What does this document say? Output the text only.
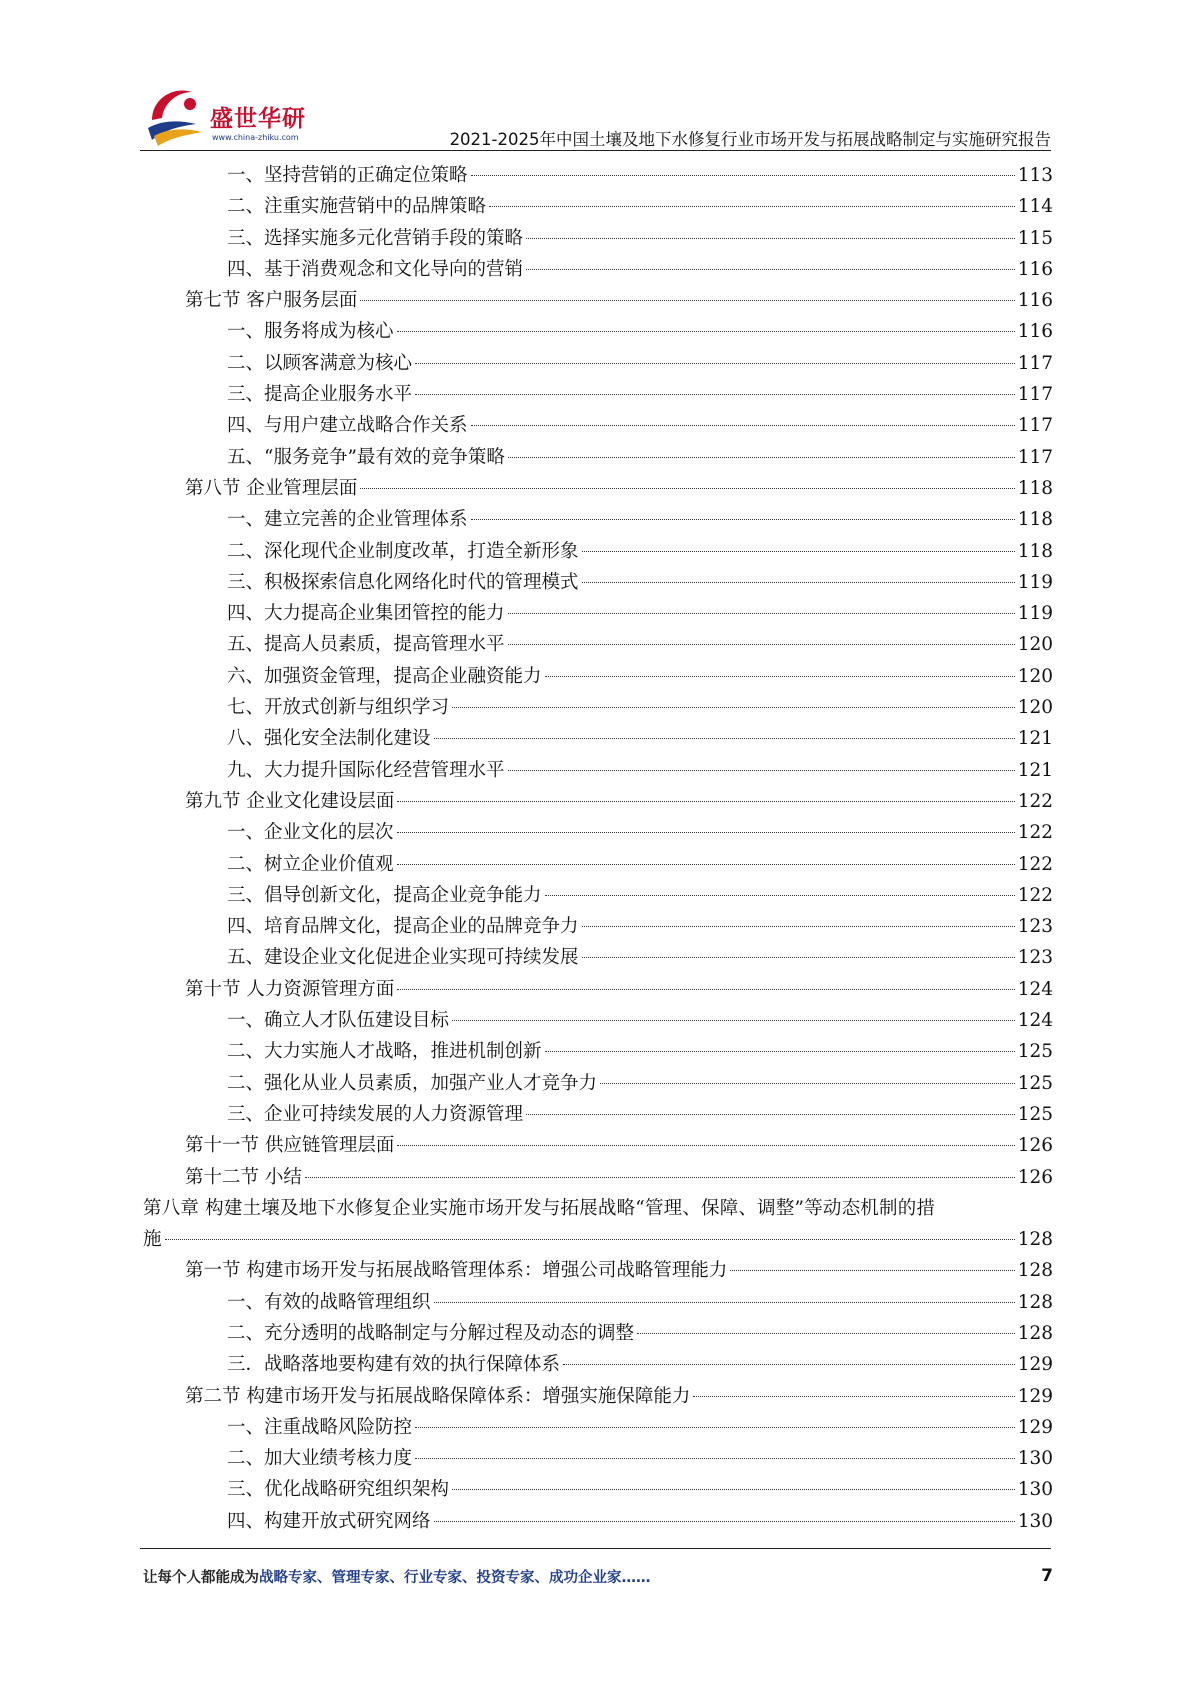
盛世华研
www.china-zhiku.com	2021-2025年中国土壤及地下水修复行业市场开发与拓展战略制定与实施研究报告
一、坚持营销的正确定位策略	113
二、注重实施营销中的品牌策略	114
三、选择实施多元化营销手段的策略	115
四、基于消费观念和文化导向的营销	116
第七节 客户服务层面	116
一、服务将成为核心	116
二、以顾客满意为核心	117
三、提高企业服务水平	117
四、与用户建立战略合作关系	117
五、“服务竞争”最有效的竞争策略	117
第八节 企业管理层面	118
一、建立完善的企业管理体系	118
二、深化现代企业制度改革，打造全新形象	118
三、积极探索信息化网络化时代的管理模式	119
四、大力提高企业集团管控的能力	119
五、提高人员素质，提高管理水平	120
六、加强资金管理，提高企业融资能力	120
七、开放式创新与组织学习	120
八、强化安全法制化建设	121
九、大力提升国际化经营管理水平	121
第九节 企业文化建设层面	122
一、企业文化的层次	122
二、树立企业价值观	122
三、倡导创新文化，提高企业竞争能力	122
四、培育品牌文化，提高企业的品牌竞争力	123
五、建设企业文化促进企业实现可持续发展	123
第十节 人力资源管理方面	124
一、确立人才队伍建设目标	124
二、大力实施人才战略，推进机制创新	125
二、强化从业人员素质，加强产业人才竞争力	125
三、企业可持续发展的人力资源管理	125
第十一节 供应链管理层面	126
第十二节 小结	126
第八章 构建土壤及地下水修复企业实施市场开发与拓展战略“管理、保障、调整”等动态机制的措
施	128
第一节 构建市场开发与拓展战略管理体系：增强公司战略管理能力	128
一、有效的战略管理组织	128
二、充分透明的战略制定与分解过程及动态的调整	128
三．战略落地要构建有效的执行保障体系	129
第二节 构建市场开发与拓展战略保障体系：增强实施保障能力	129
一、注重战略风险防控	129
二、加大业绩考核力度	130
三、优化战略研究组织架构	130
四、构建开放式研究网络	130
让每个人都能成为战略专家、管理专家、行业专家、投资专家、成功企业家……	7
